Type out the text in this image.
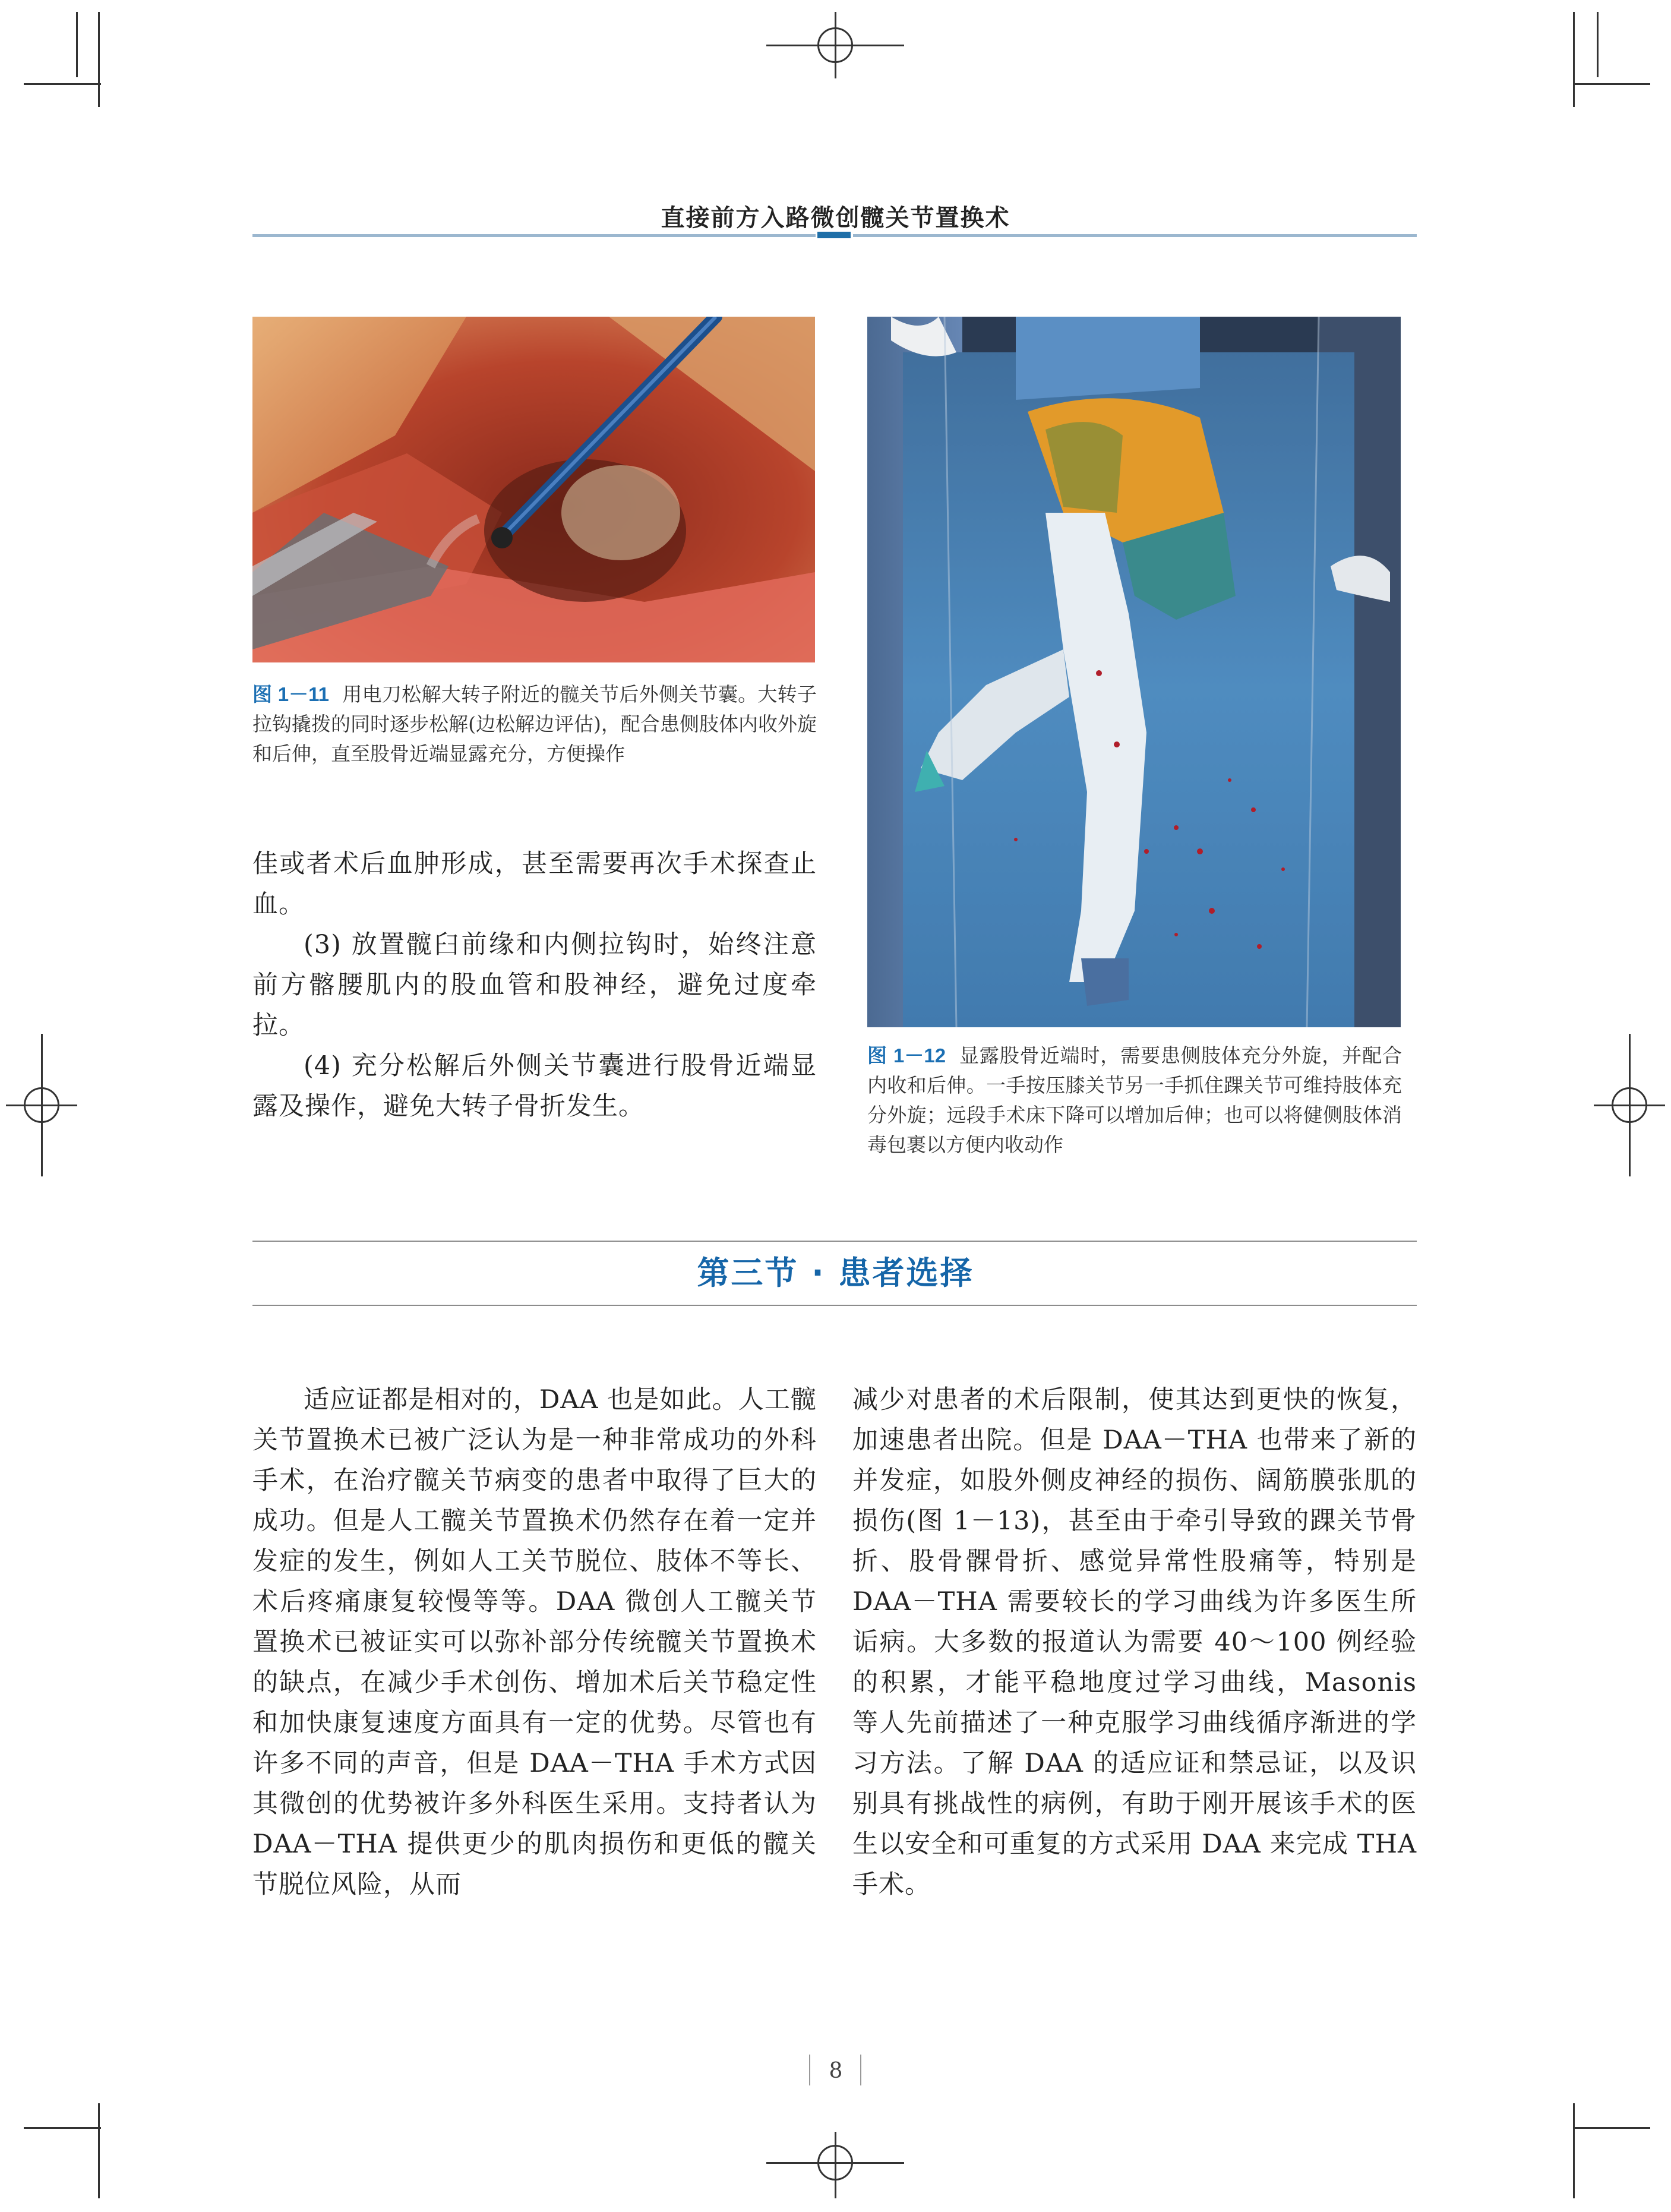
直接前方入路微创髋关节置换术
图 1－11 用电刀松解大转子附近的髋关节后外侧关节囊。大转子拉钩撬拨的同时逐步松解(边松解边评估)，配合患侧肢体内收外旋和后伸，直至股骨近端显露充分，方便操作
图 1－12 显露股骨近端时，需要患侧肢体充分外旋，并配合内收和后伸。一手按压膝关节另一手抓住踝关节可维持肢体充分外旋；远段手术床下降可以增加后伸；也可以将健侧肢体消毒包裹以方便内收动作
佳或者术后血肿形成，甚至需要再次手术探查止血。
(3) 放置髋臼前缘和内侧拉钩时，始终注意前方髂腰肌内的股血管和股神经，避免过度牵拉。
(4) 充分松解后外侧关节囊进行股骨近端显露及操作，避免大转子骨折发生。
第三节 · 患者选择
适应证都是相对的，DAA 也是如此。人工髋关节置换术已被广泛认为是一种非常成功的外科手术，在治疗髋关节病变的患者中取得了巨大的成功。但是人工髋关节置换术仍然存在着一定并发症的发生，例如人工关节脱位、肢体不等长、术后疼痛康复较慢等等。DAA 微创人工髋关节置换术已被证实可以弥补部分传统髋关节置换术的缺点，在减少手术创伤、增加术后关节稳定性和加快康复速度方面具有一定的优势。尽管也有许多不同的声音，但是 DAA－THA 手术方式因其微创的优势被许多外科医生采用。支持者认为 DAA－THA 提供更少的肌肉损伤和更低的髋关节脱位风险，从而
减少对患者的术后限制，使其达到更快的恢复，加速患者出院。但是 DAA－THA 也带来了新的并发症，如股外侧皮神经的损伤、阔筋膜张肌的损伤(图 1－13)，甚至由于牵引导致的踝关节骨折、股骨髁骨折、感觉异常性股痛等，特别是 DAA－THA 需要较长的学习曲线为许多医生所诟病。大多数的报道认为需要 40～100 例经验的积累，才能平稳地度过学习曲线，Masonis 等人先前描述了一种克服学习曲线循序渐进的学习方法。了解 DAA 的适应证和禁忌证，以及识别具有挑战性的病例，有助于刚开展该手术的医生以安全和可重复的方式采用 DAA 来完成 THA 手术。
8
